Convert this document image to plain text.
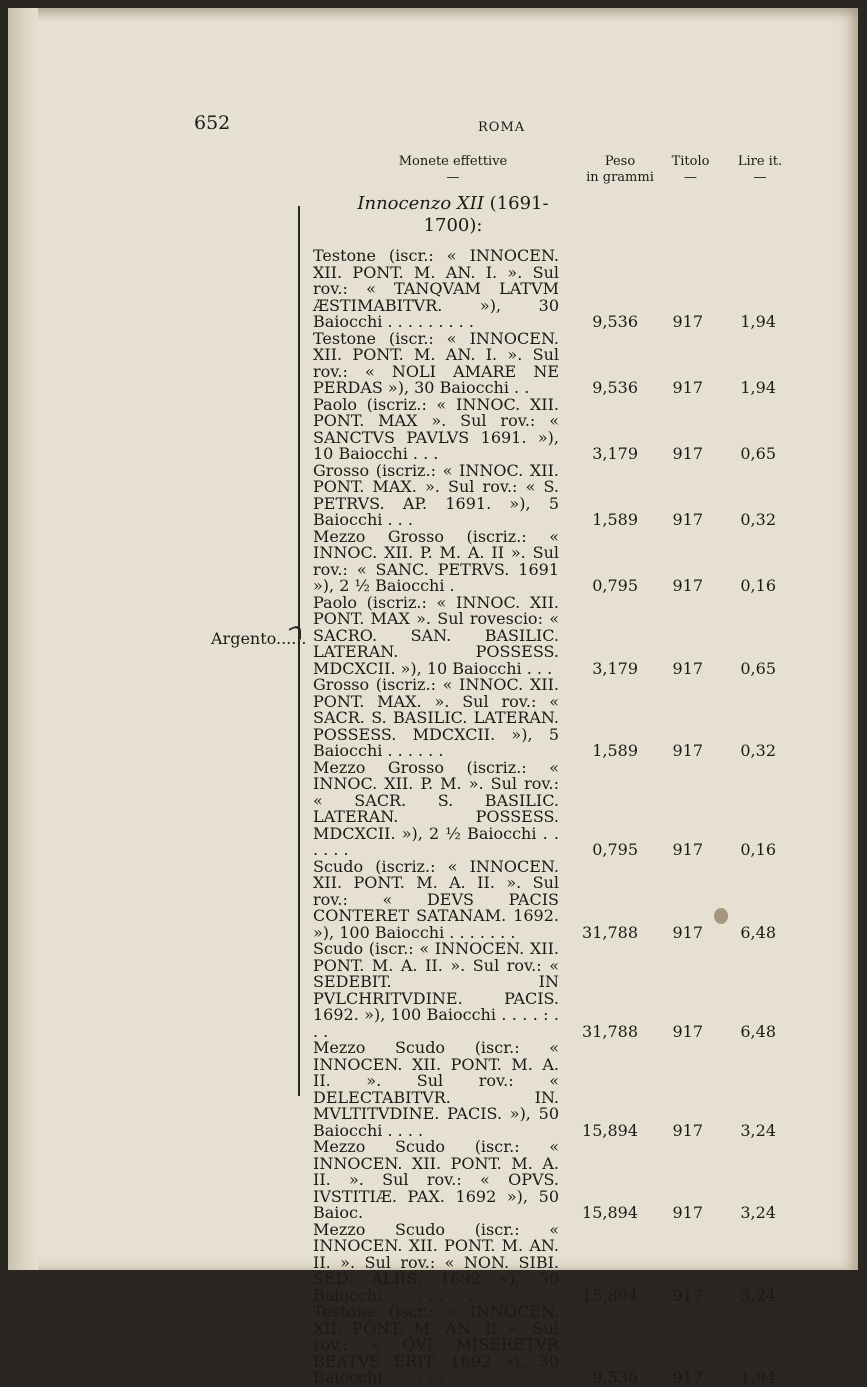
652	ROMA
Monete effettive
—
Peso
in grammi
Titolo
—
Lire it.
—
Innocenzo XII (1691-
1700):
Argento......
Testone (iscr.: « INNOCEN. XII. PONT. M. AN. I. ». Sul rov.: « TANQVAM LATVM ÆSTIMABITVR. »), 30 Baiocchi . . . . . . . . .	9,536	917	1,94
Testone (iscr.: « INNOCEN. XII. PONT. M. AN. I. ». Sul rov.: « NOLI AMARE NE PERDAS »), 30 Baiocchi . .	9,536	917	1,94
Paolo (iscriz.: « INNOC. XII. PONT. MAX ». Sul rov.: « SANCTVS PAVLVS 1691. »), 10 Baiocchi . . .	3,179	917	0,65
Grosso (iscriz.: « INNOC. XII. PONT. MAX. ». Sul rov.: « S. PETRVS. AP. 1691. »), 5 Baiocchi . . .	1,589	917	0,32
Mezzo Grosso (iscriz.: « INNOC. XII. P. M. A. II ». Sul rov.: « SANC. PETRVS. 1691 »), 2 ½ Baiocchi .	0,795	917	0,16
Paolo (iscriz.: « INNOC. XII. PONT. MAX ». Sul rovescio: « SACRO. SAN. BASILIC. LATERAN. POSSESS. MDCXCII. »), 10 Baiocchi . . .	3,179	917	0,65
Grosso (iscriz.: « INNOC. XII. PONT. MAX. ». Sul rov.: « SACR. S. BASILIC. LATERAN. POSSESS. MDCXCII. »), 5 Baiocchi . . . . . .	1,589	917	0,32
Mezzo Grosso (iscriz.: « INNOC. XII. P. M. ». Sul rov.: « SACR. S. BASILIC. LATERAN. POSSESS. MDCXCII. »), 2 ½ Baiocchi . . . . . .	0,795	917	0,16
Scudo (iscriz.: « INNOCEN. XII. PONT. M. A. II. ». Sul rov.: « DEVS PACIS CONTERET SATANAM. 1692. »), 100 Baiocchi . . . . . . .	31,788	917	6,48
Scudo (iscr.: « INNOCEN. XII. PONT. M. A. II. ». Sul rov.: « SEDEBIT. IN PVLCHRITVDINE. PACIS. 1692. »), 100 Baiocchi . . . . : . . .	31,788	917	6,48
Mezzo Scudo (iscr.: « INNOCEN. XII. PONT. M. A. II. ». Sul rov.: « DELECTABITVR. IN. MVLTITVDINE. PACIS. »), 50 Baiocchi . . . .	15,894	917	3,24
Mezzo Scudo (iscr.: « INNOCEN. XII. PONT. M. A. II. ». Sul rov.: « OPVS. IVSTITIÆ. PAX. 1692 »), 50 Baioc.	15,894	917	3,24
Mezzo Scudo (iscr.: « INNOCEN. XII. PONT. M. AN. II. ». Sul rov.: « NON. SIBI. SED. ALIIS. 1692 »), 50 Baiocchi . . . . . . . . .	15,894	917	3,24
Testone (iscr.: « INNOCEN. XII. PONT. M. AN. II ». Sul rov.: « QVI MISERETVR BEATVS ERIT. 1692 »), 30 Baiocchi . . . . . . .	9,536	917	1,94
